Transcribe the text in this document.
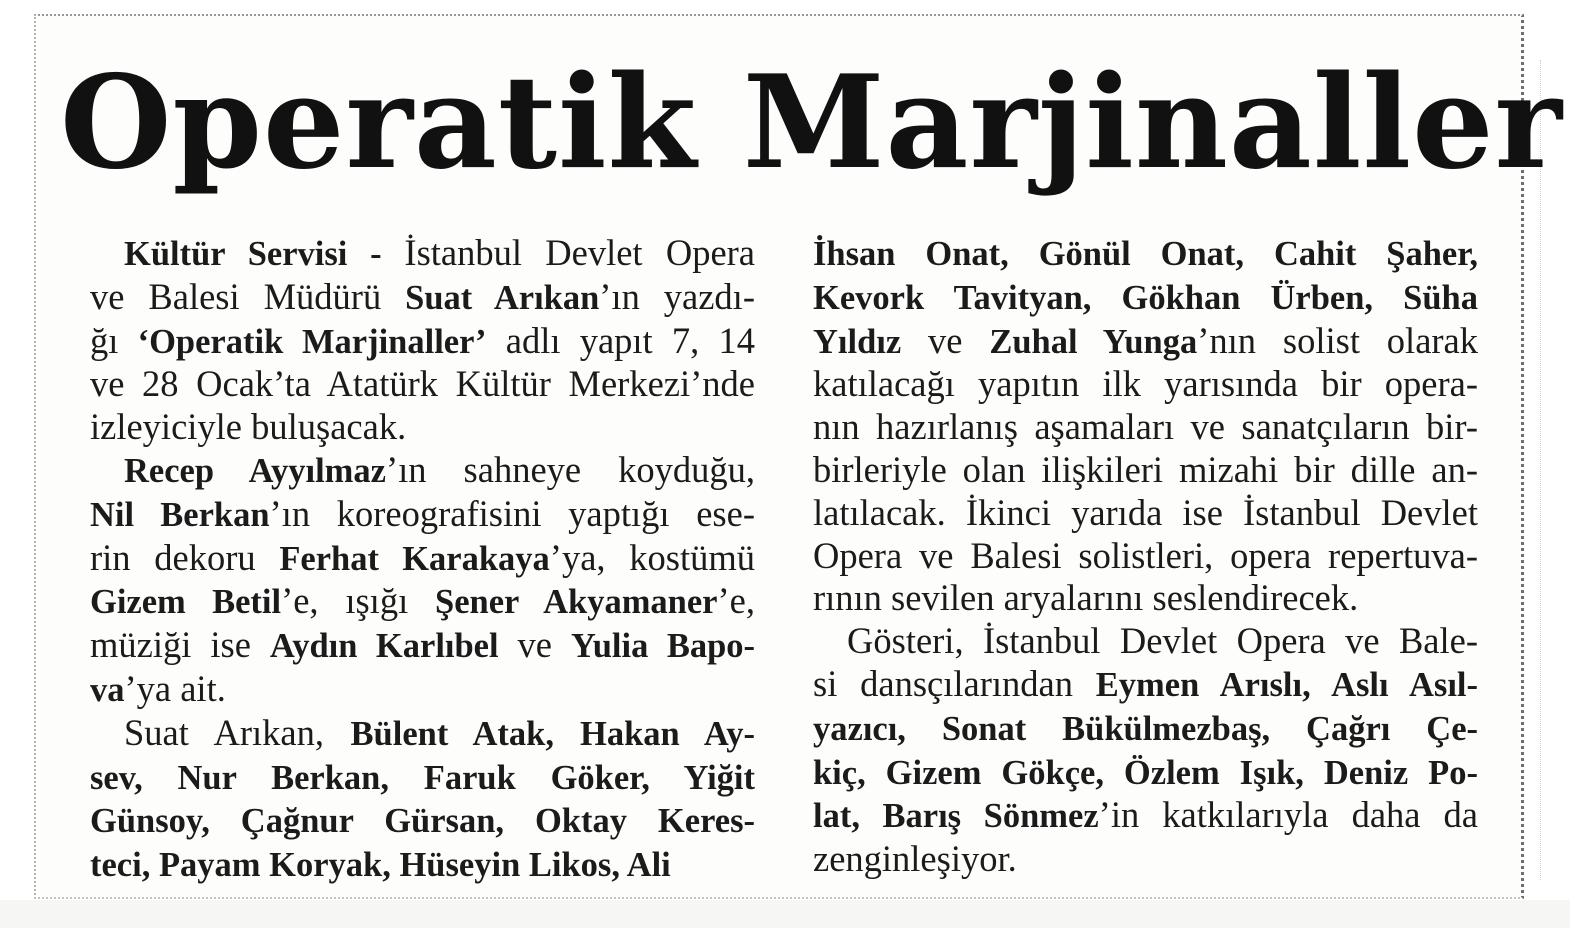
Operatik Marjinaller
Kültür Servisi - İstanbul Devlet Opera
ve Balesi Müdürü Suat Arıkan’ın yazdı-
ğı ‘Operatik Marjinaller’ adlı yapıt 7, 14
ve 28 Ocak’ta Atatürk Kültür Merkezi’nde
izleyiciyle buluşacak.
Recep Ayyılmaz’ın sahneye koyduğu,
Nil Berkan’ın koreografisini yaptığı ese-
rin dekoru Ferhat Karakaya’ya, kostümü
Gizem Betil’e, ışığı Şener Akyamaner’e,
müziği ise Aydın Karlıbel ve Yulia Bapo-
va’ya ait.
Suat Arıkan, Bülent Atak, Hakan Ay-
sev, Nur Berkan, Faruk Göker, Yiğit
Günsoy, Çağnur Gürsan, Oktay Keres-
teci, Payam Koryak, Hüseyin Likos, Ali
İhsan Onat, Gönül Onat, Cahit Şaher,
Kevork Tavityan, Gökhan Ürben, Süha
Yıldız ve Zuhal Yunga’nın solist olarak
katılacağı yapıtın ilk yarısında bir opera-
nın hazırlanış aşamaları ve sanatçıların bir-
birleriyle olan ilişkileri mizahi bir dille an-
latılacak. İkinci yarıda ise İstanbul Devlet
Opera ve Balesi solistleri, opera repertuva-
rının sevilen aryalarını seslendirecek.
Gösteri, İstanbul Devlet Opera ve Bale-
si dansçılarından Eymen Arıslı, Aslı Asıl-
yazıcı, Sonat Bükülmezbaş, Çağrı Çe-
kiç, Gizem Gökçe, Özlem Işık, Deniz Po-
lat, Barış Sönmez’in katkılarıyla daha da
zenginleşiyor.
